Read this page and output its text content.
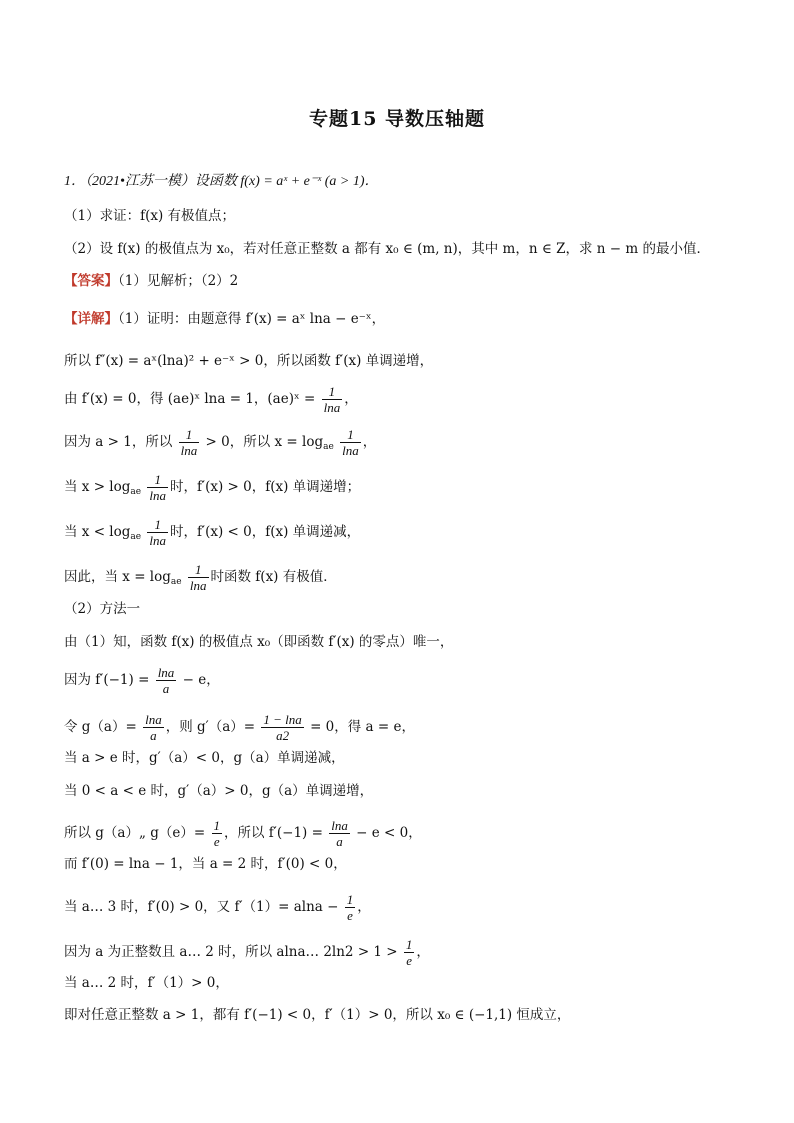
专题15 导数压轴题
1．（2021•江苏一模）设函数 f(x) = aˣ + e⁻ˣ (a > 1)．
（1）求证：f(x) 有极值点；
（2）设 f(x) 的极值点为 x₀，若对任意正整数 a 都有 x₀ ∈ (m, n)，其中 m，n ∈ Z，求 n − m 的最小值．
【答案】（1）见解析；（2）2
【详解】（1）证明：由题意得 f′(x) = aˣ lna − e⁻ˣ，
所以 f″(x) = aˣ(lna)² + e⁻ˣ > 0，所以函数 f′(x) 单调递增，
由 f′(x) = 0，得 (ae)ˣ lna = 1，(ae)ˣ = $\frac{1}{\ln a}$ ，
因为 a > 1，所以 $\frac{1}{\ln a} > 0$，所以 $x = \log_{ae} \frac{1}{\ln a}$ ，
当 $x > \log_{ae} \frac{1}{\ln a}$ 时，f′(x) > 0，f(x) 单调递增；
当 $x < \log_{ae} \frac{1}{\ln a}$ 时，f′(x) < 0，f(x) 单调递减，
因此，当 $x = \log_{ae} \frac{1}{\ln a}$ 时函数 f(x) 有极值．
（2）方法一
由（1）知，函数 f(x) 的极值点 x₀（即函数 f′(x) 的零点）唯一，
因为 $f'(-1) = \frac{\ln a}{a} - e$，
令 $g(a)= \frac{\ln a}{a}$ ，则 $g'(a)= \frac{1 - \ln a}{a2} = 0$，得 a = e，
当 a > e 时，g′（a）< 0，g（a）单调递减，
当 0 < a < e 时，g′（a）> 0，g（a）单调递增，
所以 g（a）„ $g(e)= \frac{1}{e}$ ，所以 $f'(-1) = \frac{\ln a}{a} - e < 0$，
而 f′(0) = lna − 1，当 a = 2 时，f′(0) < 0，
当 a… 3 时，f′(0) > 0，又 $f'(1)= alna - \frac{1}{e}$ ，
因为 a 为正整数且 a… 2 时，所以 alna… $2\ln 2 > 1 > \frac{1}{e}$ ，
当 a… 2 时，f′（1）> 0，
即对任意正整数 a > 1，都有 f′(−1) < 0，f′（1）> 0，所以 x₀ ∈ (−1,1) 恒成立，
